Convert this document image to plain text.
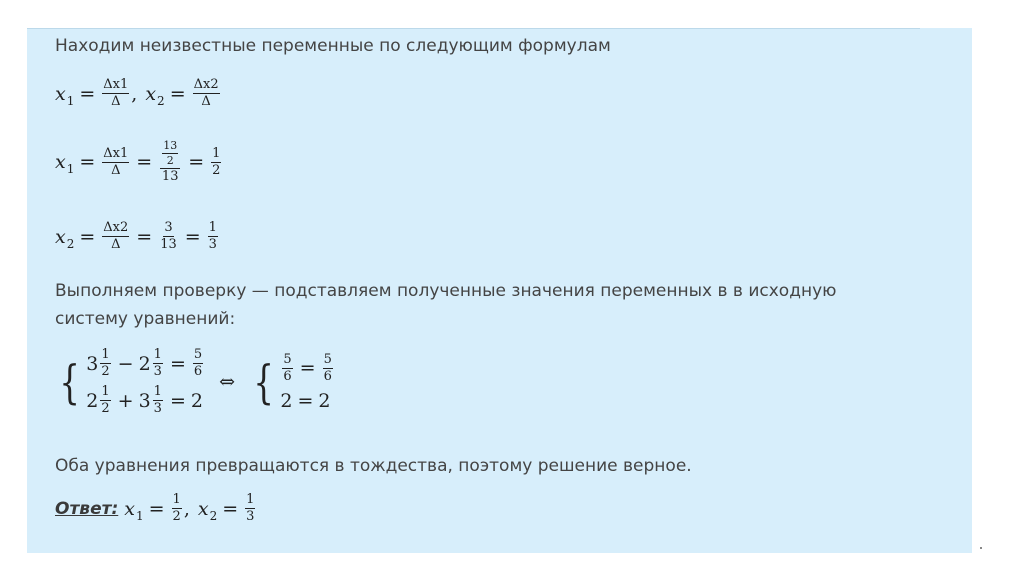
Находим неизвестные переменные по следующим формулам
$x_1 = \frac{\Delta x1}{\Delta}$ , $x_2 = \frac{\Delta x2}{\Delta}$
$x_1 = \frac{\Delta x1}{\Delta} = \frac{13}{2}$
13
= $\frac{1}{2}$
$x_2 = \frac{\Delta x2}{\Delta} = \frac{3}{13} = \frac{1}{3}$
Выполняем проверку — подставляем полученные значения переменных в в исходную
систему уравнений:
{ $3 \frac{1}{2} - 2 \frac{1}{3} = \frac{5}{6}$
$2 \frac{1}{2} + 3 \frac{1}{3} = 2$
⇔ { $\frac{5}{6} = \frac{5}{6}$
2 = 2
Оба уравнения превращаются в тождества, поэтому решение верное.
Ответ: $x_1 = \frac{1}{2}$ , $x_2 = \frac{1}{3}$
